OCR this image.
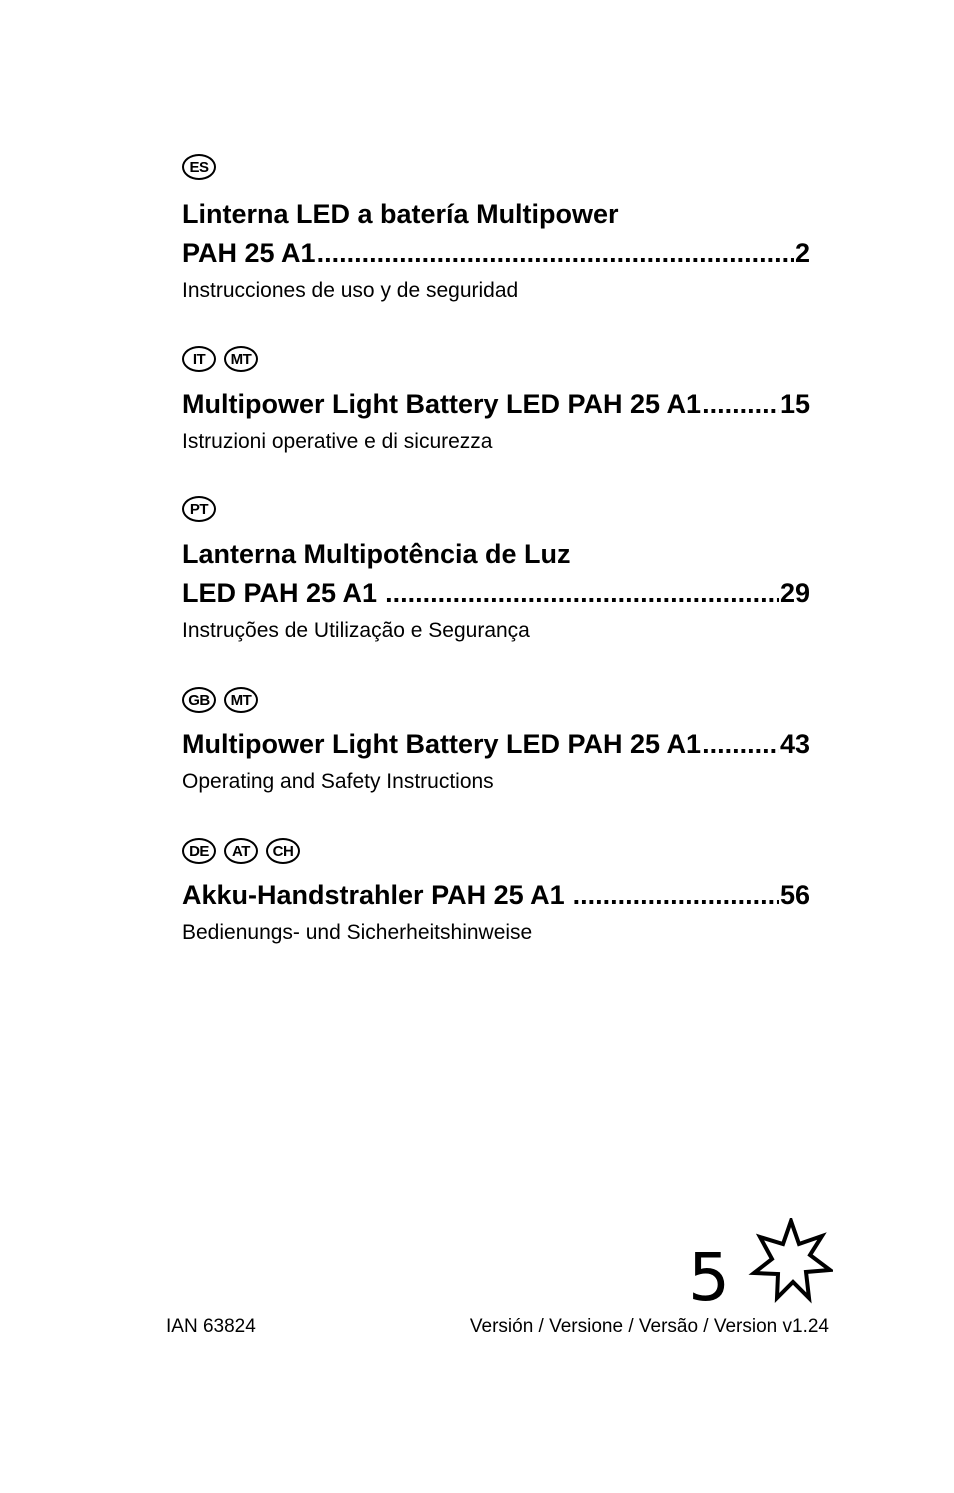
ES
Linterna LED a batería Multipower
PAH 25 A1 .....	2
Instrucciones de uso y de seguridad
IT	MT
Multipower Light Battery LED PAH 25 A1 .....	15
Istruzioni operative e di sicurezza
PT
Lanterna Multipotência de Luz
LED PAH 25 A1 .....	29
Instruções de Utilização e Segurança
GB	MT
Multipower Light Battery LED PAH 25 A1 .....	43
Operating and Safety Instructions
DE	AT	CH
Akku-Handstrahler PAH 25 A1 .....	56
Bedienungs- und Sicherheitshinweise
5
IAN 63824	Versión / Versione / Versão / Version v1.24
